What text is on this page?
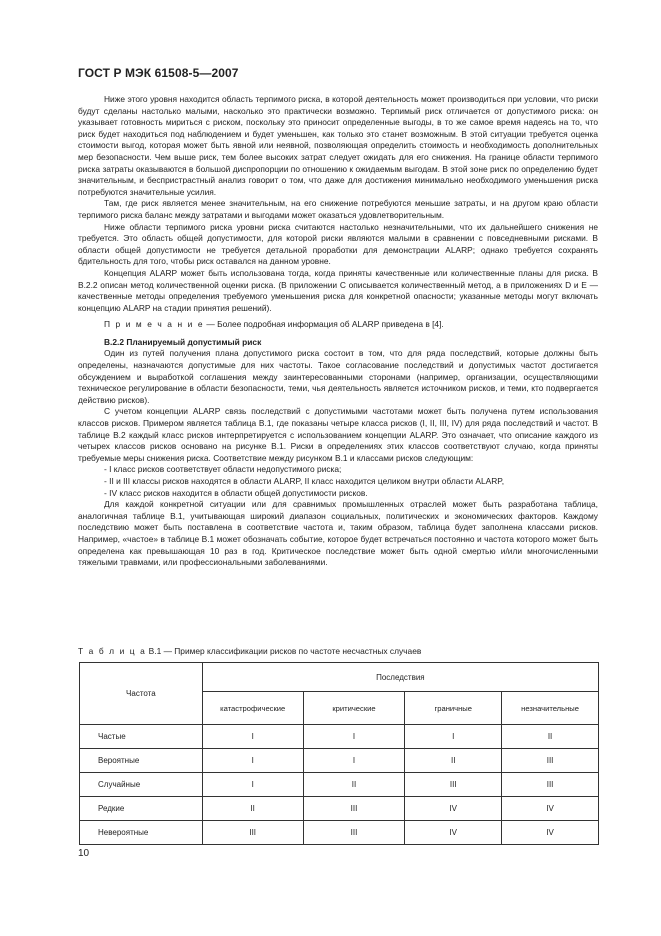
ГОСТ Р МЭК 61508-5—2007

Ниже этого уровня находится область терпимого риска, в которой деятельность может производиться при условии, что риски будут сделаны настолько малыми, насколько это практически возможно. Терпимый риск отличается от допустимого риска: он указывает готовность мириться с риском, поскольку это приносит определенные выгоды, в то же самое время надеясь на то, что риск будет находиться под наблюдением и будет уменьшен, как только это станет возможным. В этой ситуации требуется оценка стоимости выгод, которая может быть явной или неявной, позволяющая определить стоимость и необходимость дополнительных мер безопасности. Чем выше риск, тем более высоких затрат следует ожидать для его снижения. На границе области терпимого риска затраты оказываются в большой диспропорции по отношению к ожидаемым выгодам. В этой зоне риск по определению будет значительным, и беспристрастный анализ говорит о том, что даже для достижения минимально необходимого уменьшения риска потребуются значительные усилия.

Там, где риск является менее значительным, на его снижение потребуются меньшие затраты, и на другом краю области терпимого риска баланс между затратами и выгодами может оказаться удовлетворительным.

Ниже области терпимого риска уровни риска считаются настолько незначительными, что их дальнейшего снижения не требуется. Это область общей допустимости, для которой риски являются малыми в сравнении с повседневными рисками. В области общей допустимости не требуется детальной проработки для демонстрации ALARP; однако требуется сохранять бдительность для того, чтобы риск оставался на данном уровне.

Концепция ALARP может быть использована тогда, когда приняты качественные или количественные планы для риска. В В.2.2 описан метод количественной оценки риска. (В приложении С описывается количественный метод, а в приложениях D и Е — качественные методы определения требуемого уменьшения риска для конкретной опасности; указанные методы могут включать концепцию ALARP на стадии принятия решений).

П р и м е ч а н и е — Более подробная информация об ALARP приведена в [4].

В.2.2 Планируемый допустимый риск

Один из путей получения плана допустимого риска состоит в том, что для ряда последствий, которые должны быть определены, назначаются допустимые для них частоты. Такое согласование последствий и допустимых частот достигается обсуждением и выработкой соглашения между заинтересованными сторонами (например, организации, осуществляющими техническое регулирование в области безопасности, теми, чья деятельность является источником рисков, и теми, кто подвергается действию рисков).

С учетом концепции ALARP связь последствий с допустимыми частотами может быть получена путем использования классов рисков. Примером является таблица В.1, где показаны четыре класса рисков (I, II, III, IV) для ряда последствий и частот. В таблице В.2 каждый класс рисков интерпретируется с использованием концепции ALARP. Это означает, что описание каждого из четырех классов рисков основано на рисунке В.1. Риски в определениях этих классов соответствуют случаю, когда приняты требуемые меры снижения риска. Соответствие между рисунком В.1 и классами рисков следующим:

- I класс рисков соответствует области недопустимого риска;

- II и III классы рисков находятся в области ALARP, II класс находится целиком внутри области ALARP,

- IV класс рисков находится в области общей допустимости рисков.

Для каждой конкретной ситуации или для сравнимых промышленных отраслей может быть разработана таблица, аналогичная таблице В.1, учитывающая широкий диапазон социальных, политических и экономических факторов. Каждому последствию может быть поставлена в соответствие частота и, таким образом, таблица будет заполнена классами рисков. Например, «частое» в таблице В.1 может обозначать событие, которое будет встречаться постоянно и частота которого может быть определена как превышающая 10 раз в год. Критическое последствие может быть одной смертью и/или многочисленными тяжелыми травмами, или профессиональными заболеваниями.

Т а б л и ц а В.1 — Пример классификации рисков по частоте несчастных случаев
Частота	Последствия			
	катастрофические	критические	граничные	незначительные
Частые	I	I	I	II
Вероятные	I	I	II	III
Случайные	I	II	III	III
Редкие	II	III	IV	IV
Невероятные	III	III	IV	IV
10
